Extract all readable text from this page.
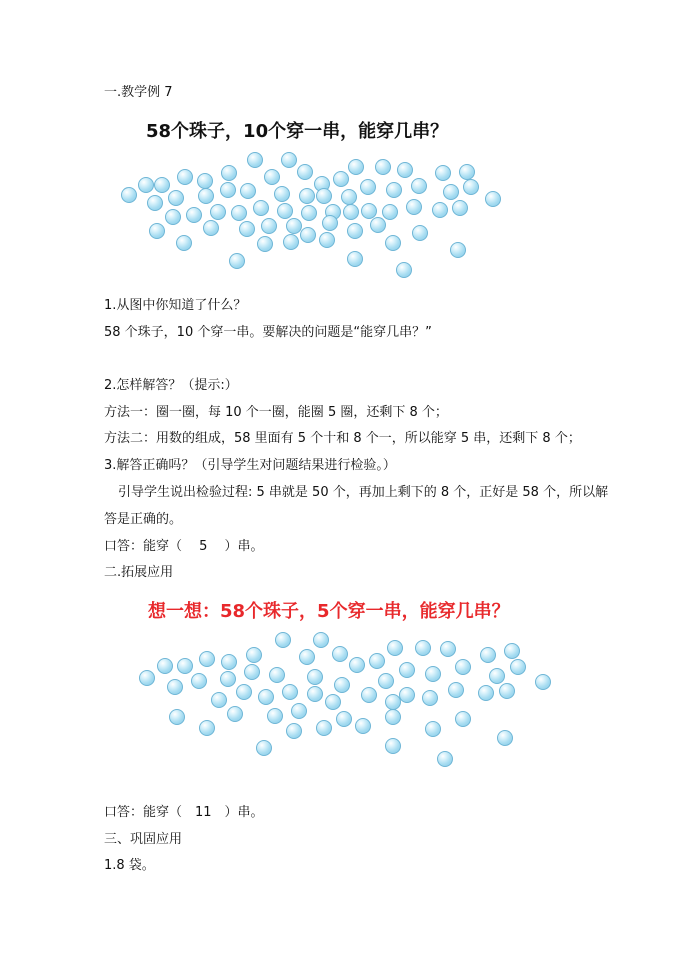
一.教学例 7
58个珠子，10个穿一串，能穿几串？
1.从图中你知道了什么？
58 个珠子，10 个穿一串。要解决的问题是“能穿几串？”
2.怎样解答？（提示:）
方法一：圈一圈，每 10 个一圈，能圈 5 圈，还剩下 8 个；
方法二：用数的组成，58 里面有 5 个十和 8 个一，所以能穿 5 串，还剩下 8 个；
3.解答正确吗？（引导学生对问题结果进行检验。）
引导学生说出检验过程: 5 串就是 50 个，再加上剩下的 8 个，正好是 58 个，所以解
答是正确的。
口答：能穿（　 5　 ）串。
二.拓展应用
想一想：58个珠子，5个穿一串，能穿几串？
口答：能穿（　11　）串。
三、巩固应用
1.8 袋。
